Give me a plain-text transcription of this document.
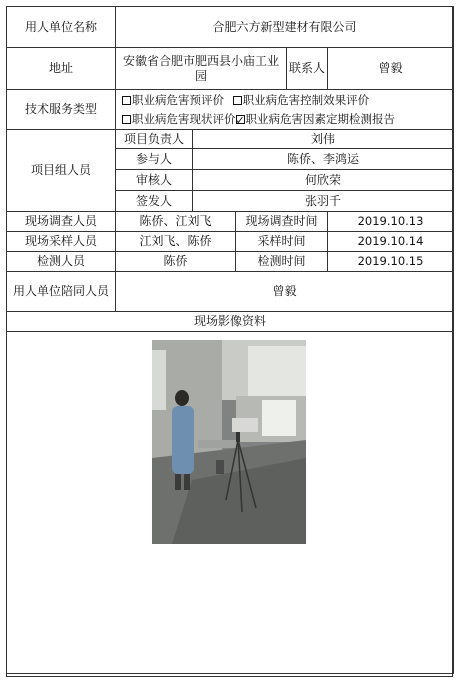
用人单位名称	合肥六方新型建材有限公司				
地址	安徽省合肥市肥西县小庙工业园			联系人	曾毅
技术服务类型	职业病危害预评价 职业病危害控制效果评价
职业病危害现状评价 ✓ 职业病危害因素定期检测报告
项目组人员	项目负责人	刘伟			
	参与人	陈侨、李鸿运			
	审核人	何欣荣			
	签发人	张羽千			
现场调查人员	陈侨、江刘飞		现场调查时间		2019.10.13
现场采样人员	江刘飞、陈侨		采样时间		2019.10.14
检测人员	陈侨		检测时间		2019.10.15
用人单位陪同人员	曾毅				
现场影像资料					
